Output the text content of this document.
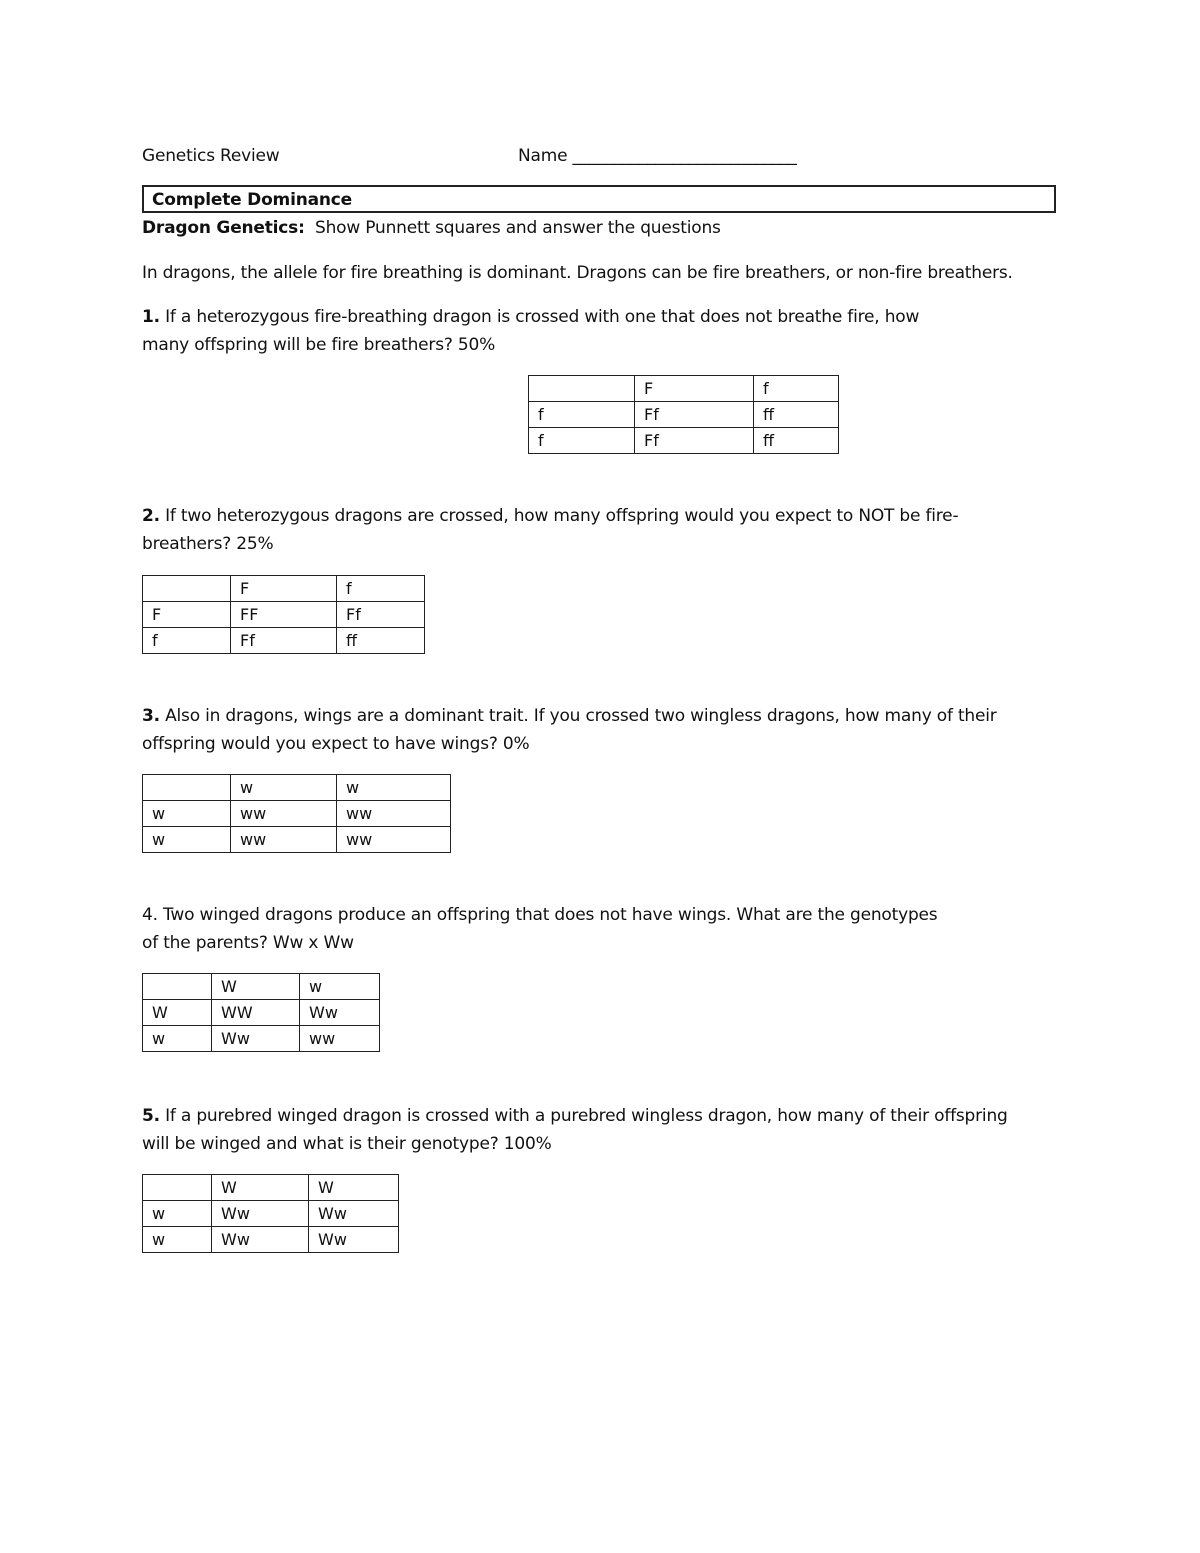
Genetics Review	Name ___________________________
Complete Dominance
Dragon Genetics: Show Punnett squares and answer the questions
In dragons, the allele for fire breathing is dominant. Dragons can be fire breathers, or non-fire breathers.
1. If a heterozygous fire-breathing dragon is crossed with one that does not breathe fire, how
many offspring will be fire breathers? 50%
	F	f
f	Ff	ff
f	Ff	ff
2. If two heterozygous dragons are crossed, how many offspring would you expect to NOT be fire-
breathers? 25%
	F	f
F	FF	Ff
f	Ff	ff
3. Also in dragons, wings are a dominant trait. If you crossed two wingless dragons, how many of their
offspring would you expect to have wings? 0%
	w	w
w	ww	ww
w	ww	ww
4. Two winged dragons produce an offspring that does not have wings. What are the genotypes
of the parents? Ww x Ww
	W	w
W	WW	Ww
w	Ww	ww
5. If a purebred winged dragon is crossed with a purebred wingless dragon, how many of their offspring
will be winged and what is their genotype? 100%
	W	W
w	Ww	Ww
w	Ww	Ww
